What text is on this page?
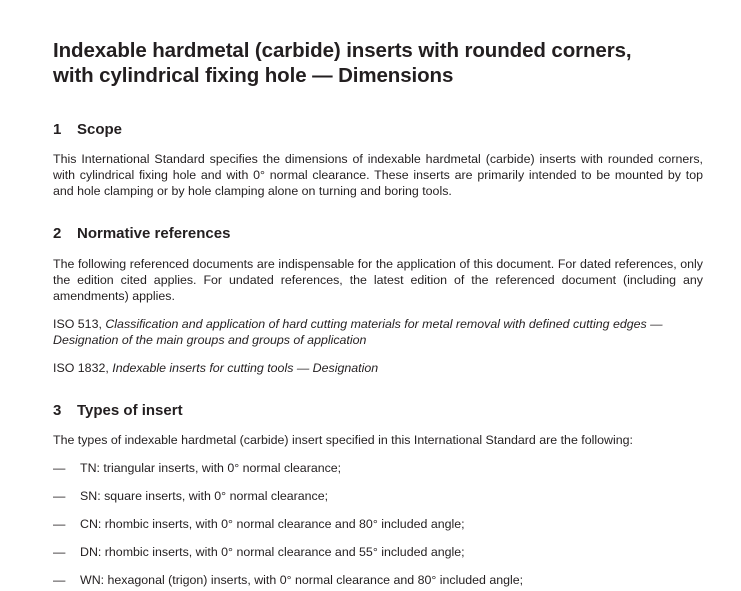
Indexable hardmetal (carbide) inserts with rounded corners,
with cylindrical fixing hole — Dimensions
1 Scope

This International Standard specifies the dimensions of indexable hardmetal (carbide) inserts with rounded corners, with cylindrical fixing hole and with 0° normal clearance. These inserts are primarily intended to be mounted by top and hole clamping or by hole clamping alone on turning and boring tools.

2 Normative references

The following referenced documents are indispensable for the application of this document. For dated references, only the edition cited applies. For undated references, the latest edition of the referenced document (including any amendments) applies.

ISO 513, Classification and application of hard cutting materials for metal removal with defined cutting edges — Designation of the main groups and groups of application

ISO 1832, Indexable inserts for cutting tools — Designation

3 Types of insert

The types of indexable hardmetal (carbide) insert specified in this International Standard are the following:

— TN: triangular inserts, with 0° normal clearance;
— SN: square inserts, with 0° normal clearance;
— CN: rhombic inserts, with 0° normal clearance and 80° included angle;
— DN: rhombic inserts, with 0° normal clearance and 55° included angle;
— WN: hexagonal (trigon) inserts, with 0° normal clearance and 80° included angle;
